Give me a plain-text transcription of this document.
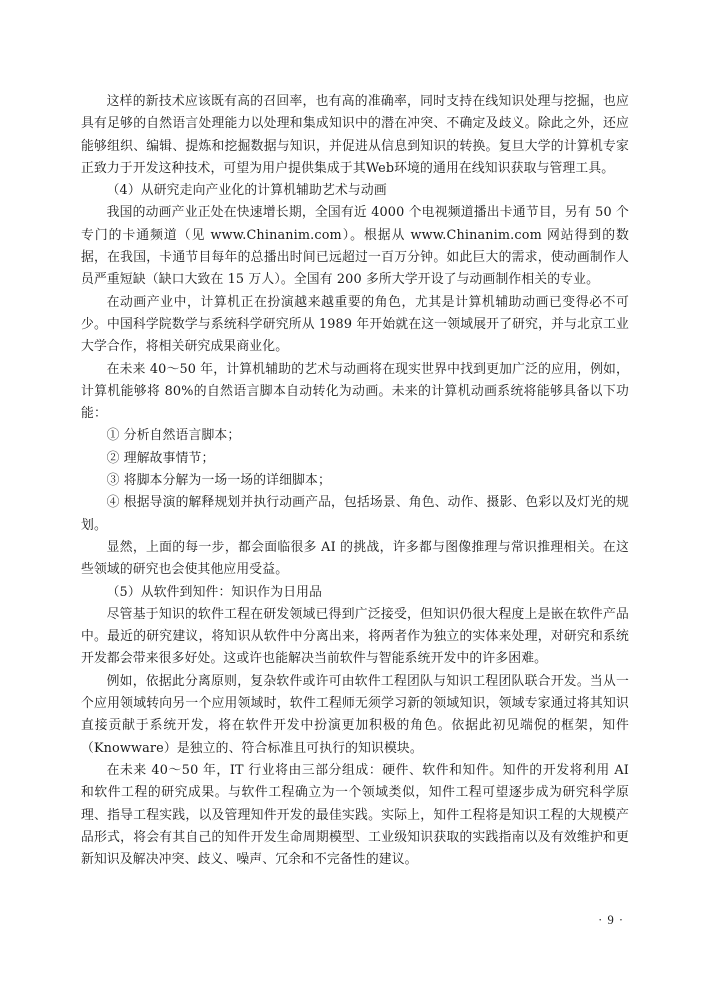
这样的新技术应该既有高的召回率，也有高的准确率，同时支持在线知识处理与挖掘，也应具有足够的自然语言处理能力以处理和集成知识中的潜在冲突、不确定及歧义。除此之外，还应能够组织、编辑、提炼和挖掘数据与知识，并促进从信息到知识的转换。复旦大学的计算机专家正致力于开发这种技术，可望为用户提供集成于其Web环境的通用在线知识获取与管理工具。

（4）从研究走向产业化的计算机辅助艺术与动画

我国的动画产业正处在快速增长期，全国有近 4000 个电视频道播出卡通节目，另有 50 个专门的卡通频道（见 www.Chinanim.com）。根据从 www.Chinanim.com 网站得到的数据，在我国，卡通节目每年的总播出时间已远超过一百万分钟。如此巨大的需求，使动画制作人员严重短缺（缺口大致在 15 万人）。全国有 200 多所大学开设了与动画制作相关的专业。

在动画产业中，计算机正在扮演越来越重要的角色，尤其是计算机辅助动画已变得必不可少。中国科学院数学与系统科学研究所从 1989 年开始就在这一领域展开了研究，并与北京工业大学合作，将相关研究成果商业化。

在未来 40～50 年，计算机辅助的艺术与动画将在现实世界中找到更加广泛的应用，例如，计算机能够将 80%的自然语言脚本自动转化为动画。未来的计算机动画系统将能够具备以下功能：

① 分析自然语言脚本；

② 理解故事情节；

③ 将脚本分解为一场一场的详细脚本；

④ 根据导演的解释规划并执行动画产品，包括场景、角色、动作、摄影、色彩以及灯光的规划。

显然，上面的每一步，都会面临很多 AI 的挑战，许多都与图像推理与常识推理相关。在这些领域的研究也会使其他应用受益。

（5）从软件到知件：知识作为日用品

尽管基于知识的软件工程在研发领域已得到广泛接受，但知识仍很大程度上是嵌在软件产品中。最近的研究建议，将知识从软件中分离出来，将两者作为独立的实体来处理，对研究和系统开发都会带来很多好处。这或许也能解决当前软件与智能系统开发中的许多困难。

例如，依据此分离原则，复杂软件或许可由软件工程团队与知识工程团队联合开发。当从一个应用领域转向另一个应用领域时，软件工程师无须学习新的领域知识，领域专家通过将其知识直接贡献于系统开发，将在软件开发中扮演更加积极的角色。依据此初见端倪的框架，知件（Knowware）是独立的、符合标准且可执行的知识模块。

在未来 40～50 年，IT 行业将由三部分组成：硬件、软件和知件。知件的开发将利用 AI 和软件工程的研究成果。与软件工程确立为一个领域类似，知件工程可望逐步成为研究科学原理、指导工程实践，以及管理知件开发的最佳实践。实际上，知件工程将是知识工程的大规模产品形式，将会有其自己的知件开发生命周期模型、工业级知识获取的实践指南以及有效维护和更新知识及解决冲突、歧义、噪声、冗余和不完备性的建议。

· 9 ·
